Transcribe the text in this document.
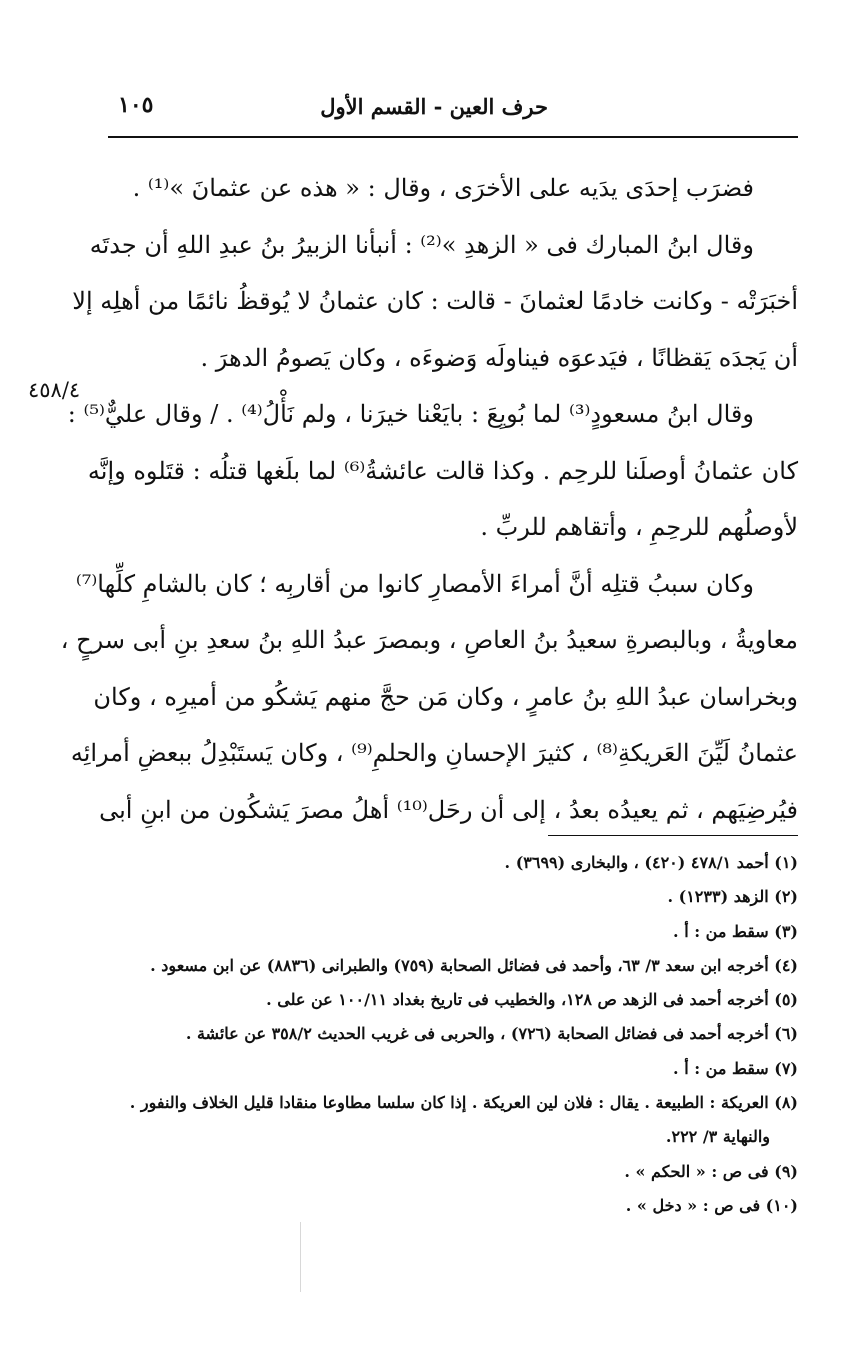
حرف العين - القسم الأول
١٠٥
٤٥٨/٤
فضرَب إحدَى يدَيه على الأخرَى ، وقال : « هذه عن عثمانَ »⁽¹⁾ .
وقال ابنُ المبارك فى « الزهدِ »⁽²⁾ : أنبأنا الزبيرُ بنُ عبدِ اللهِ أن جدتَه
أخبَرَتْه - وكانت خادمًا لعثمانَ - قالت : كان عثمانُ لا يُوقظُ نائمًا من أهلِه إلا
أن يَجدَه يَقظانًا ، فيَدعوَه فيناولَه وَضوءَه ، وكان يَصومُ الدهرَ .
وقال ابنُ مسعودٍ⁽³⁾ لما بُويِعَ : بايَعْنا خيرَنا ، ولم نَأْلُ⁽⁴⁾ . / وقال عليٌّ⁽⁵⁾ :
كان عثمانُ أوصلَنا للرحِم . وكذا قالت عائشةُ⁽⁶⁾ لما بلَغها قتلُه : قتَلوه وإنَّه
لأوصلُهم للرحِمِ ، وأتقاهم للربِّ .
وكان سببُ قتلِه أنَّ أمراءَ الأمصارِ كانوا من أقاربِه ؛ كان بالشامِ كلِّها⁽⁷⁾
معاويةُ ، وبالبصرةِ سعيدُ بنُ العاصِ ، وبمصرَ عبدُ اللهِ بنُ سعدِ بنِ أبى سرحٍ ،
وبخراسان عبدُ اللهِ بنُ عامرٍ ، وكان مَن حجَّ منهم يَشكُو من أميرِه ، وكان
عثمانُ لَيِّنَ العَريكةِ⁽⁸⁾ ، كثيرَ الإحسانِ والحلمِ⁽⁹⁾ ، وكان يَستَبْدِلُ ببعضِ أمرائِه
فيُرضِيَهم ، ثم يعيدُه بعدُ ، إلى أن رحَل⁽¹⁰⁾ أهلُ مصرَ يَشكُون من ابنِ أبى
(١) أحمد ٤٧٨/١ (٤٢٠) ، والبخارى (٣٦٩٩) .
(٢) الزهد (١٢٣٣) .
(٣) سقط من : أ .
(٤) أخرجه ابن سعد ٣/ ٦٣، وأحمد فى فضائل الصحابة (٧٥٩) والطبرانى (٨٨٣٦) عن ابن مسعود .
(٥) أخرجه أحمد فى الزهد ص ١٢٨، والخطيب فى تاريخ بغداد ١٠٠/١١ عن على .
(٦) أخرجه أحمد فى فضائل الصحابة (٧٢٦) ، والحربى فى غريب الحديث ٣٥٨/٢ عن عائشة .
(٧) سقط من : أ .
(٨) العريكة : الطبيعة . يقال : فلان لين العريكة . إذا كان سلسا مطاوعا منقادا قليل الخلاف والنفور .
والنهاية ٣/ ٢٢٢.
(٩) فى ص : « الحكم » .
(١٠) فى ص : « دخل » .
